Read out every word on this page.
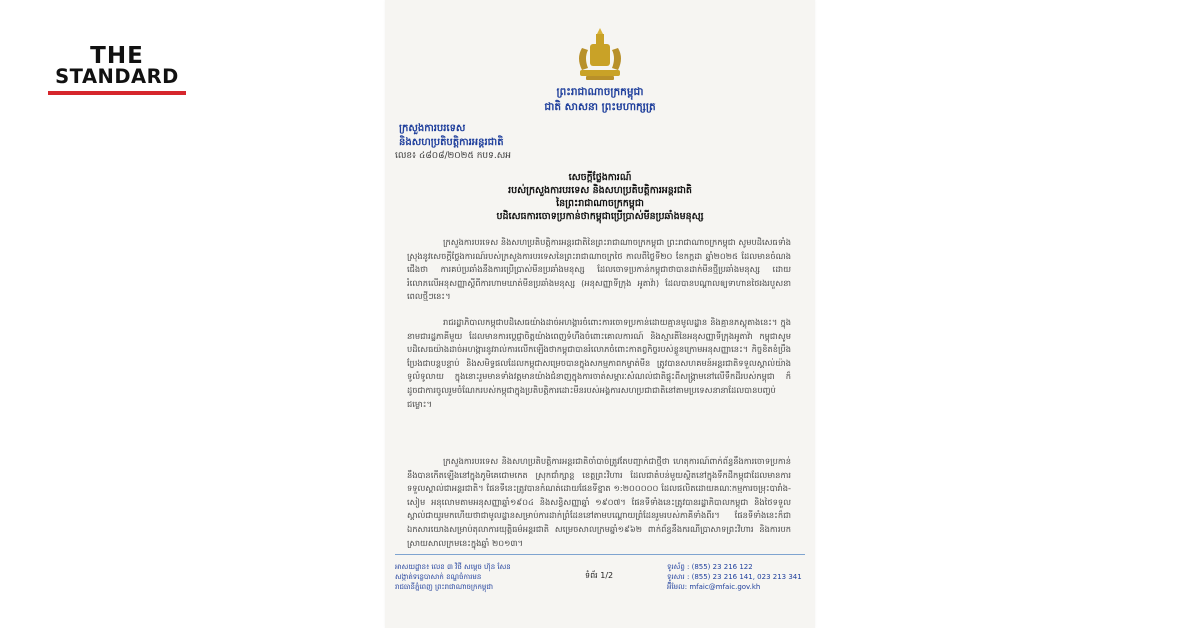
THE
STANDARD
ព្រះរាជាណាចក្រកម្ពុជា
ជាតិ សាសនា ព្រះមហាក្សត្រ
ក្រសួងការបរទេស
និងសហប្រតិបត្តិការអន្តរជាតិ
លេខ៖ ៤៨០៨/២០២៥ កបទ.សអ
សេចក្តីថ្លែងការណ៍
របស់ក្រសួងការបរទេស និងសហប្រតិបត្តិការអន្តរជាតិ
នៃព្រះរាជាណាចក្រកម្ពុជា
បដិសេធការចោទប្រកាន់ថាកម្ពុជាប្រើប្រាស់មីនប្រឆាំងមនុស្ស
ក្រសួងការបរទេស និងសហប្រតិបត្តិការអន្តរជាតិនៃព្រះរាជាណាចក្រកម្ពុជា ព្រះរាជាណាចក្រកម្ពុជា សូមបដិសេធទាំងស្រុងនូវសេចក្តីថ្លែងការណ៍របស់ក្រសួងការបរទេសនៃព្រះរាជាណាចក្រថៃ កាលពីថ្ងៃទី២០ ខែកក្កដា ឆ្នាំ២០២៥ ដែលមានចំណងជើងថា ការគប់ប្រឆាំងនឹងការប្រើប្រាស់មីនប្រឆាំងមនុស្ស ដែលចោទប្រកាន់កម្ពុជាថាបានដាក់មីនថ្មីប្រឆាំងមនុស្ស ដោយរំលោភលើអនុសញ្ញាស្តីពីការហាមឃាត់មីនប្រឆាំងមនុស្ស (អនុសញ្ញាទីក្រុង អូតាវ៉ា) ដែលបានបណ្តាលឲ្យទាហានថៃរងរបួសនាពេលថ្មីៗនេះ។
រាជរដ្ឋាភិបាលកម្ពុជាបដិសេធយ៉ាងដាច់អហង្ការចំពោះការចោទប្រកាន់ដោយគ្មានមូលដ្ឋាន និងគ្មានភស្តុតាងនេះ។ ក្នុងនាមជារដ្ឋភាគីមួយ ដែលមានការប្តេជ្ញាចិត្តយ៉ាងពេញទំហឹងចំពោះគោលការណ៍ និងស្មារតីនៃអនុសញ្ញាទីក្រុងអូតាវ៉ា កម្ពុជាសូមបដិសេធយ៉ាងដាច់អហង្ការនូវរាល់ការលើកឡើងថាកម្ពុជាបានរំលោភចំពោះកាតព្វកិច្ចរបស់ខ្លួនក្រោមអនុសញ្ញានេះ។ កិច្ចខិតខំប្រឹងប្រែងជាបន្តបន្ទាប់ និងសមិទ្ធផលដែលកម្ពុជាសម្រេចបានក្នុងសកម្មភាពកម្ចាត់មីន ត្រូវបានសហគមន៍អន្តរជាតិទទួលស្គាល់យ៉ាងទូលំទូលាយ ក្នុងនោះរួមមានទាំងវត្តមានយ៉ាងជំនាញក្នុងការចាត់សម្ភារៈសំណល់ជាតិផ្ទុះពីសង្គ្រាមនៅលើទឹកដីរបស់កម្ពុជា ក៏ដូចជាការចូលរួមចំណែករបស់កម្ពុជាក្នុងប្រតិបត្តិការដោះមីនរបស់អង្គការសហប្រជាជាតិនៅតាមប្រទេសនានាដែលបានបញ្ចប់ជម្លោះ។
ក្រសួងការបរទេស និងសហប្រតិបត្តិការអន្តរជាតិចាំបាច់ត្រូវតែបញ្ជាក់ជាថ្មីថា ហេតុការណ៍ពាក់ព័ន្ធនឹងការចោទប្រកាន់នឹងបានកើតឡើងនៅក្នុងភូមិគេជោមកេត ស្រុកជាំក្សាន្ត ខេត្តព្រះវិហារ ដែលជាតំបន់មួយស្ថិតនៅក្នុងទឹកដីកម្ពុជាដែលមានការទទួលស្គាល់ជាអន្តរជាតិ។ ផែនទីនេះត្រូវបានកំណត់ដោយផែនទីខ្នាត ១:២០០០០០ ដែលផលិតដោយគណៈកម្មការចម្រុះបារាំង-សៀម អនុលោមតាមអនុសញ្ញាឆ្នាំ១៩០៤ និងសន្ធិសញ្ញាឆ្នាំ ១៩០៧។ ផែនទីទាំងនេះត្រូវបានរដ្ឋាភិបាលកម្ពុជា និងថៃទទួលស្គាល់ជាយូរមកហើយថាជាមូលដ្ឋានសម្រាប់ការដាក់ព្រំដែននៅតាមបណ្តោយព្រំដែនរួមរបស់ភាគីទាំងពីរ។ ផែនទីទាំងនេះក៏ជាឯកសារយោងសម្រាប់តុលាការយុត្តិធម៌អន្តរជាតិ សម្រេចសាលក្រមឆ្នាំ១៩៦២ ពាក់ព័ន្ធនឹងករណីប្រាសាទព្រះវិហារ និងការបកស្រាយសាលក្រមនេះក្នុងឆ្នាំ ២០១៣។
អាសយដ្ឋាន៖ លេខ ៣ វិថី សម្តេច ហ៊ុន សែន
សង្កាត់ទន្លេបាសាក់ ខណ្ឌចំការមន
រាជធានីភ្នំពេញ ព្រះរាជាណាចក្រកម្ពុជា
ទំព័រ 1/2
ទូរស័ព្ទ : (855) 23 216 122
ទូរសារ : (855) 23 216 141, 023 213 341
អ៊ីមែល: mfaic@mfaic.gov.kh
